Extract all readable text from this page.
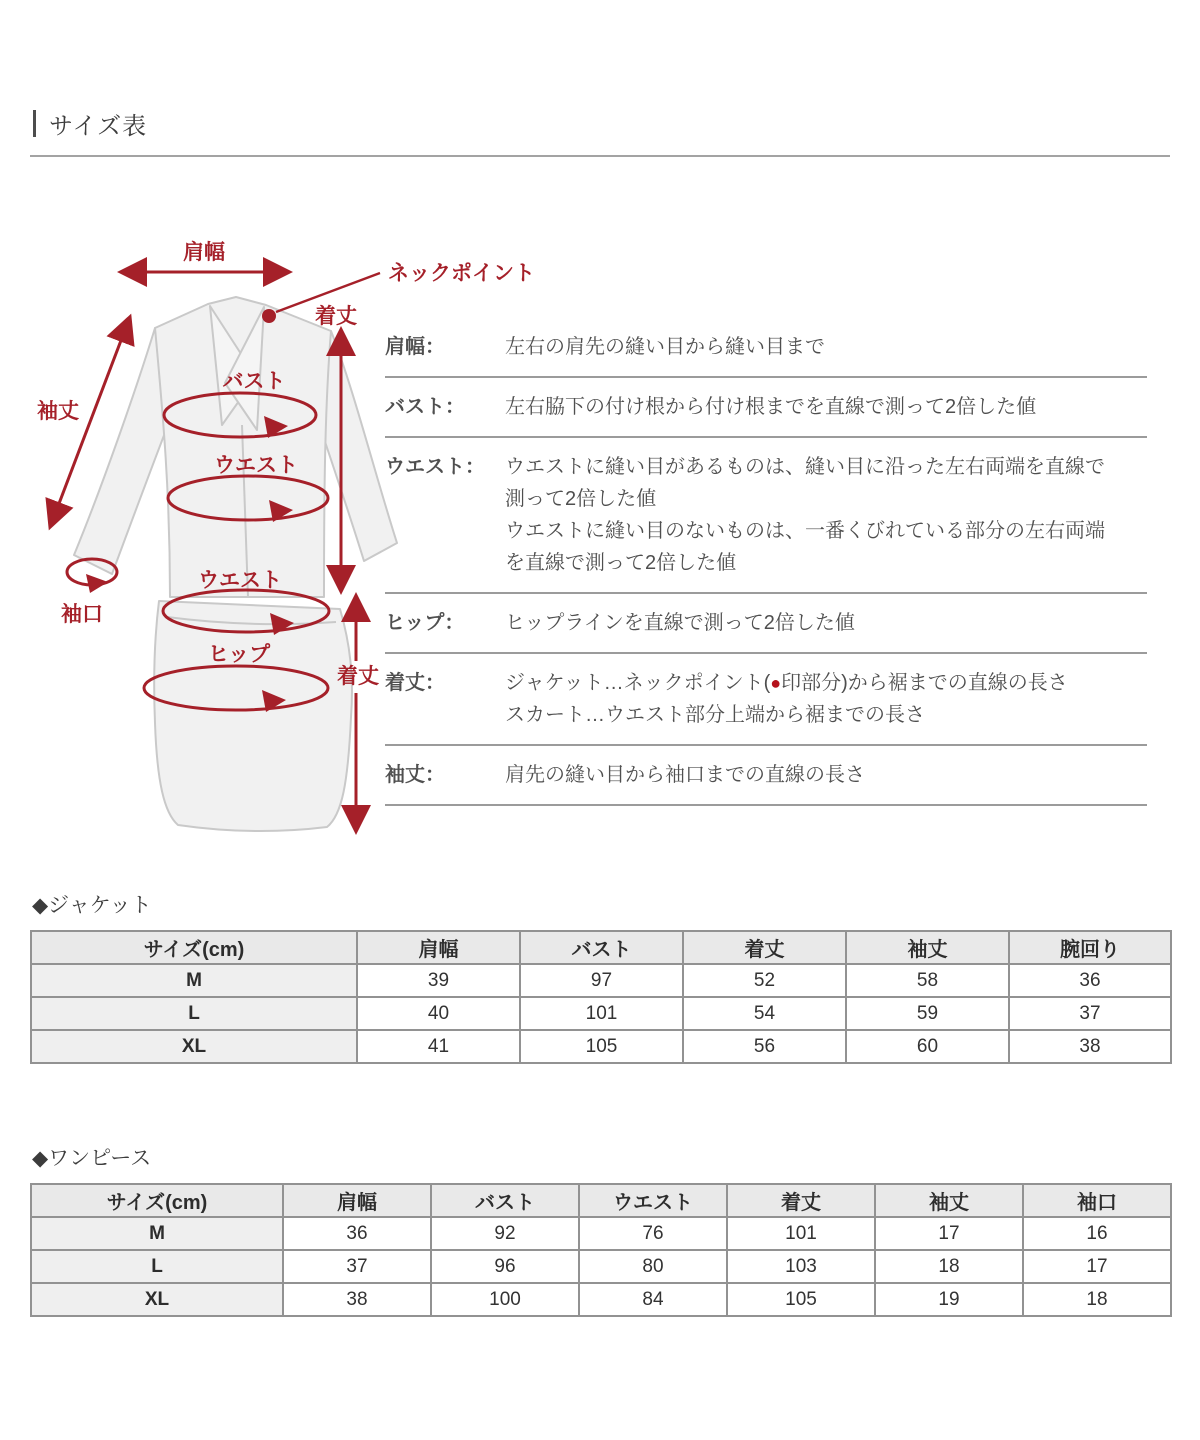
サイズ表
肩幅
ネックポイント
着丈
袖丈
バスト
ウエスト
袖口
ウエスト
ヒップ
着丈
肩幅：	左右の肩先の縫い目から縫い目まで
バスト：	左右脇下の付け根から付け根までを直線で測って2倍した値
ウエスト：	ウエストに縫い目があるものは、縫い目に沿った左右両端を直線で
測って2倍した値
ウエストに縫い目のないものは、一番くびれている部分の左右両端
を直線で測って2倍した値
ヒップ：	ヒップラインを直線で測って2倍した値
着丈：	ジャケット…ネックポイント(●印部分)から裾までの直線の長さ
スカート…ウエスト部分上端から裾までの長さ
袖丈：	肩先の縫い目から袖口までの直線の長さ
◆ジャケット
サイズ(cm)	肩幅	バスト	着丈	袖丈	腕回り
M	39	97	52	58	36
L	40	101	54	59	37
XL	41	105	56	60	38
◆ワンピース
サイズ(cm)	肩幅	バスト	ウエスト	着丈	袖丈	袖口
M	36	92	76	101	17	16
L	37	96	80	103	18	17
XL	38	100	84	105	19	18
